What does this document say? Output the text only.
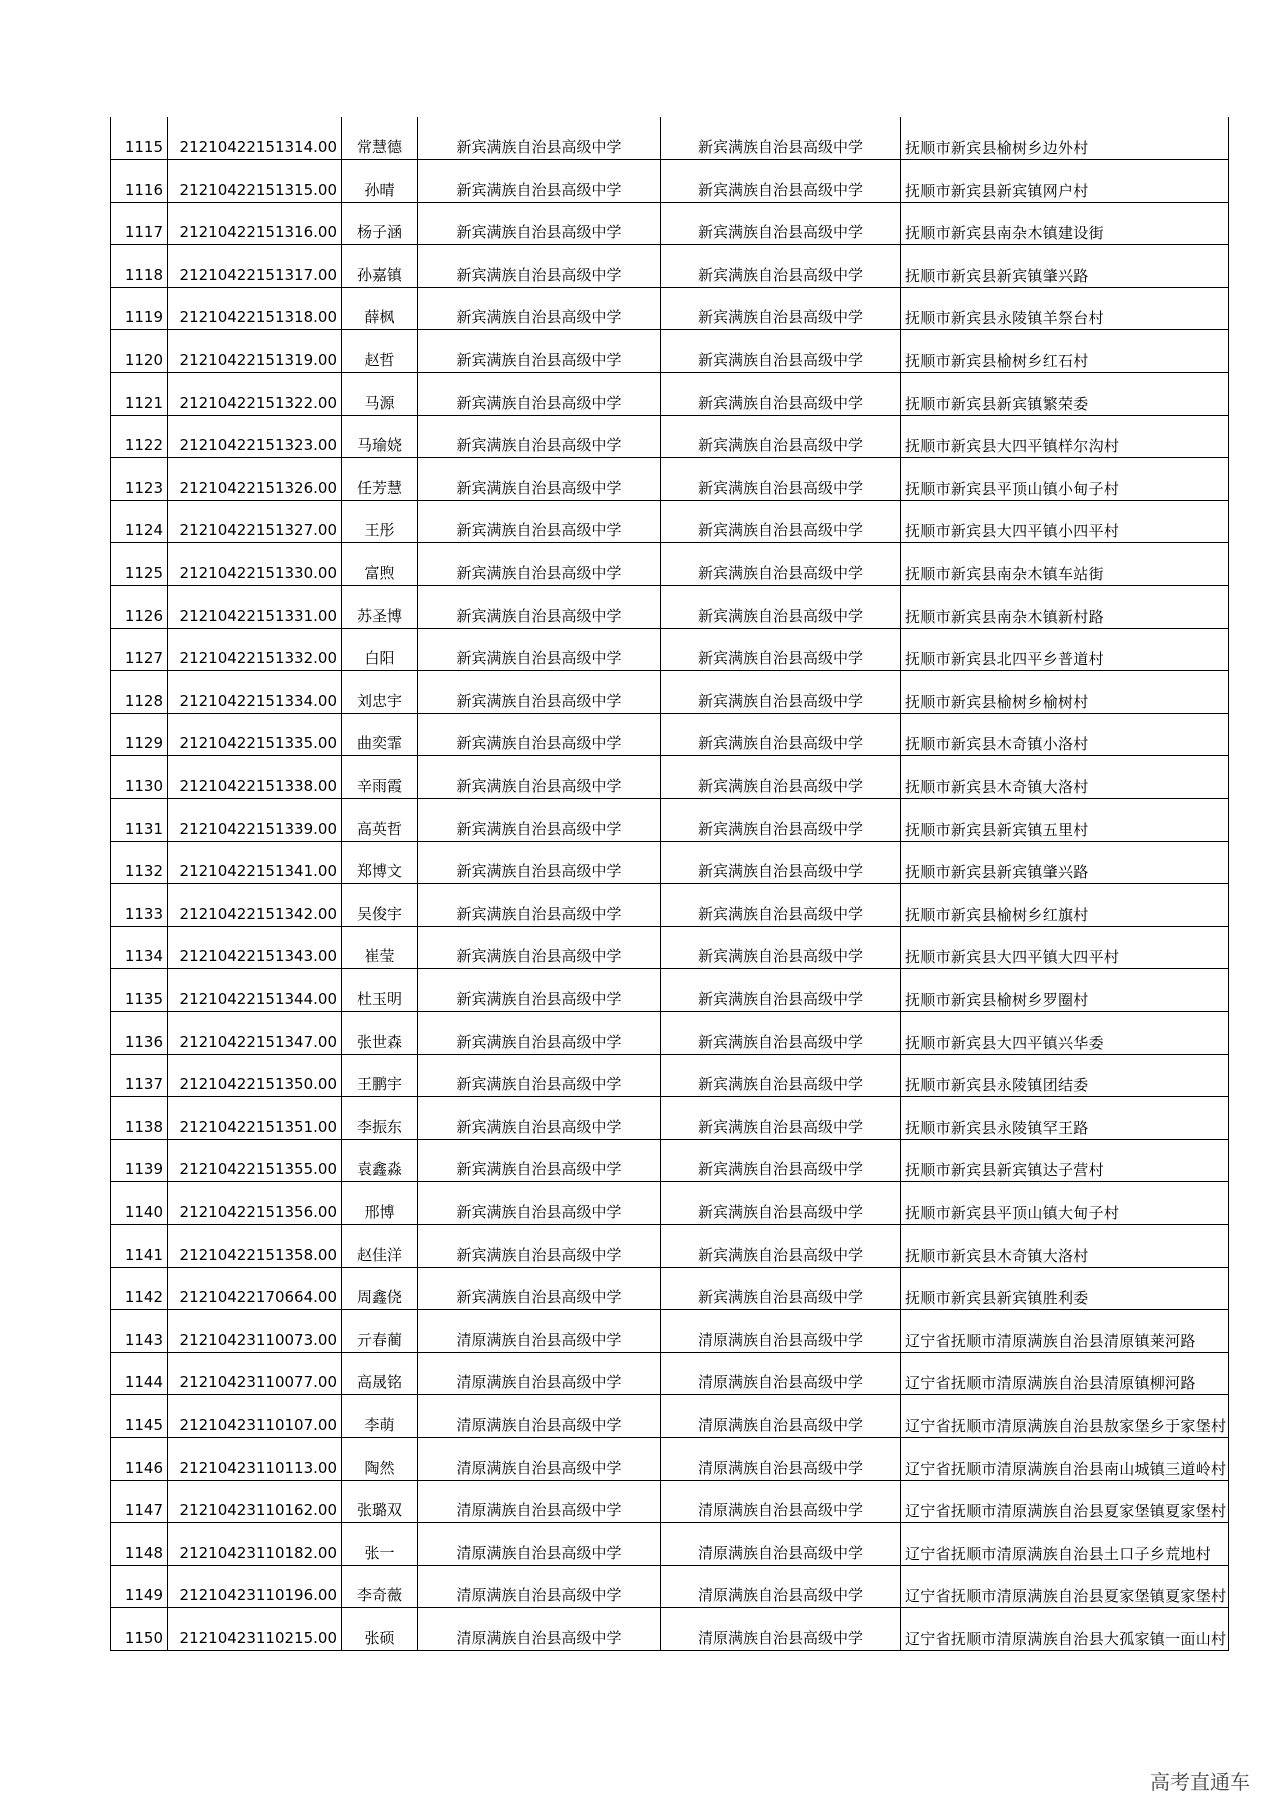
1115	21210422151314.00	常慧德	新宾满族自治县高级中学	新宾满族自治县高级中学	抚顺市新宾县榆树乡边外村
1116	21210422151315.00	孙晴	新宾满族自治县高级中学	新宾满族自治县高级中学	抚顺市新宾县新宾镇网户村
1117	21210422151316.00	杨子涵	新宾满族自治县高级中学	新宾满族自治县高级中学	抚顺市新宾县南杂木镇建设街
1118	21210422151317.00	孙嘉镇	新宾满族自治县高级中学	新宾满族自治县高级中学	抚顺市新宾县新宾镇肇兴路
1119	21210422151318.00	薛枫	新宾满族自治县高级中学	新宾满族自治县高级中学	抚顺市新宾县永陵镇羊祭台村
1120	21210422151319.00	赵哲	新宾满族自治县高级中学	新宾满族自治县高级中学	抚顺市新宾县榆树乡红石村
1121	21210422151322.00	马源	新宾满族自治县高级中学	新宾满族自治县高级中学	抚顺市新宾县新宾镇繁荣委
1122	21210422151323.00	马瑜娆	新宾满族自治县高级中学	新宾满族自治县高级中学	抚顺市新宾县大四平镇样尔沟村
1123	21210422151326.00	任芳慧	新宾满族自治县高级中学	新宾满族自治县高级中学	抚顺市新宾县平顶山镇小甸子村
1124	21210422151327.00	王彤	新宾满族自治县高级中学	新宾满族自治县高级中学	抚顺市新宾县大四平镇小四平村
1125	21210422151330.00	富煦	新宾满族自治县高级中学	新宾满族自治县高级中学	抚顺市新宾县南杂木镇车站街
1126	21210422151331.00	苏圣博	新宾满族自治县高级中学	新宾满族自治县高级中学	抚顺市新宾县南杂木镇新村路
1127	21210422151332.00	白阳	新宾满族自治县高级中学	新宾满族自治县高级中学	抚顺市新宾县北四平乡普道村
1128	21210422151334.00	刘忠宇	新宾满族自治县高级中学	新宾满族自治县高级中学	抚顺市新宾县榆树乡榆树村
1129	21210422151335.00	曲奕霏	新宾满族自治县高级中学	新宾满族自治县高级中学	抚顺市新宾县木奇镇小洛村
1130	21210422151338.00	辛雨霞	新宾满族自治县高级中学	新宾满族自治县高级中学	抚顺市新宾县木奇镇大洛村
1131	21210422151339.00	高英哲	新宾满族自治县高级中学	新宾满族自治县高级中学	抚顺市新宾县新宾镇五里村
1132	21210422151341.00	郑博文	新宾满族自治县高级中学	新宾满族自治县高级中学	抚顺市新宾县新宾镇肇兴路
1133	21210422151342.00	吴俊宇	新宾满族自治县高级中学	新宾满族自治县高级中学	抚顺市新宾县榆树乡红旗村
1134	21210422151343.00	崔莹	新宾满族自治县高级中学	新宾满族自治县高级中学	抚顺市新宾县大四平镇大四平村
1135	21210422151344.00	杜玉明	新宾满族自治县高级中学	新宾满族自治县高级中学	抚顺市新宾县榆树乡罗圈村
1136	21210422151347.00	张世森	新宾满族自治县高级中学	新宾满族自治县高级中学	抚顺市新宾县大四平镇兴华委
1137	21210422151350.00	王鹏宇	新宾满族自治县高级中学	新宾满族自治县高级中学	抚顺市新宾县永陵镇团结委
1138	21210422151351.00	李振东	新宾满族自治县高级中学	新宾满族自治县高级中学	抚顺市新宾县永陵镇罕王路
1139	21210422151355.00	袁鑫淼	新宾满族自治县高级中学	新宾满族自治县高级中学	抚顺市新宾县新宾镇达子营村
1140	21210422151356.00	邢博	新宾满族自治县高级中学	新宾满族自治县高级中学	抚顺市新宾县平顶山镇大甸子村
1141	21210422151358.00	赵佳洋	新宾满族自治县高级中学	新宾满族自治县高级中学	抚顺市新宾县木奇镇大洛村
1142	21210422170664.00	周鑫侥	新宾满族自治县高级中学	新宾满族自治县高级中学	抚顺市新宾县新宾镇胜利委
1143	21210423110073.00	亓春蔺	清原满族自治县高级中学	清原满族自治县高级中学	辽宁省抚顺市清原满族自治县清原镇莱河路
1144	21210423110077.00	高晟铭	清原满族自治县高级中学	清原满族自治县高级中学	辽宁省抚顺市清原满族自治县清原镇柳河路
1145	21210423110107.00	李萌	清原满族自治县高级中学	清原满族自治县高级中学	辽宁省抚顺市清原满族自治县敖家堡乡于家堡村
1146	21210423110113.00	陶然	清原满族自治县高级中学	清原满族自治县高级中学	辽宁省抚顺市清原满族自治县南山城镇三道岭村
1147	21210423110162.00	张璐双	清原满族自治县高级中学	清原满族自治县高级中学	辽宁省抚顺市清原满族自治县夏家堡镇夏家堡村
1148	21210423110182.00	张一	清原满族自治县高级中学	清原满族自治县高级中学	辽宁省抚顺市清原满族自治县土口子乡荒地村
1149	21210423110196.00	李奇薇	清原满族自治县高级中学	清原满族自治县高级中学	辽宁省抚顺市清原满族自治县夏家堡镇夏家堡村
1150	21210423110215.00	张硕	清原满族自治县高级中学	清原满族自治县高级中学	辽宁省抚顺市清原满族自治县大孤家镇一面山村
高考直通车
